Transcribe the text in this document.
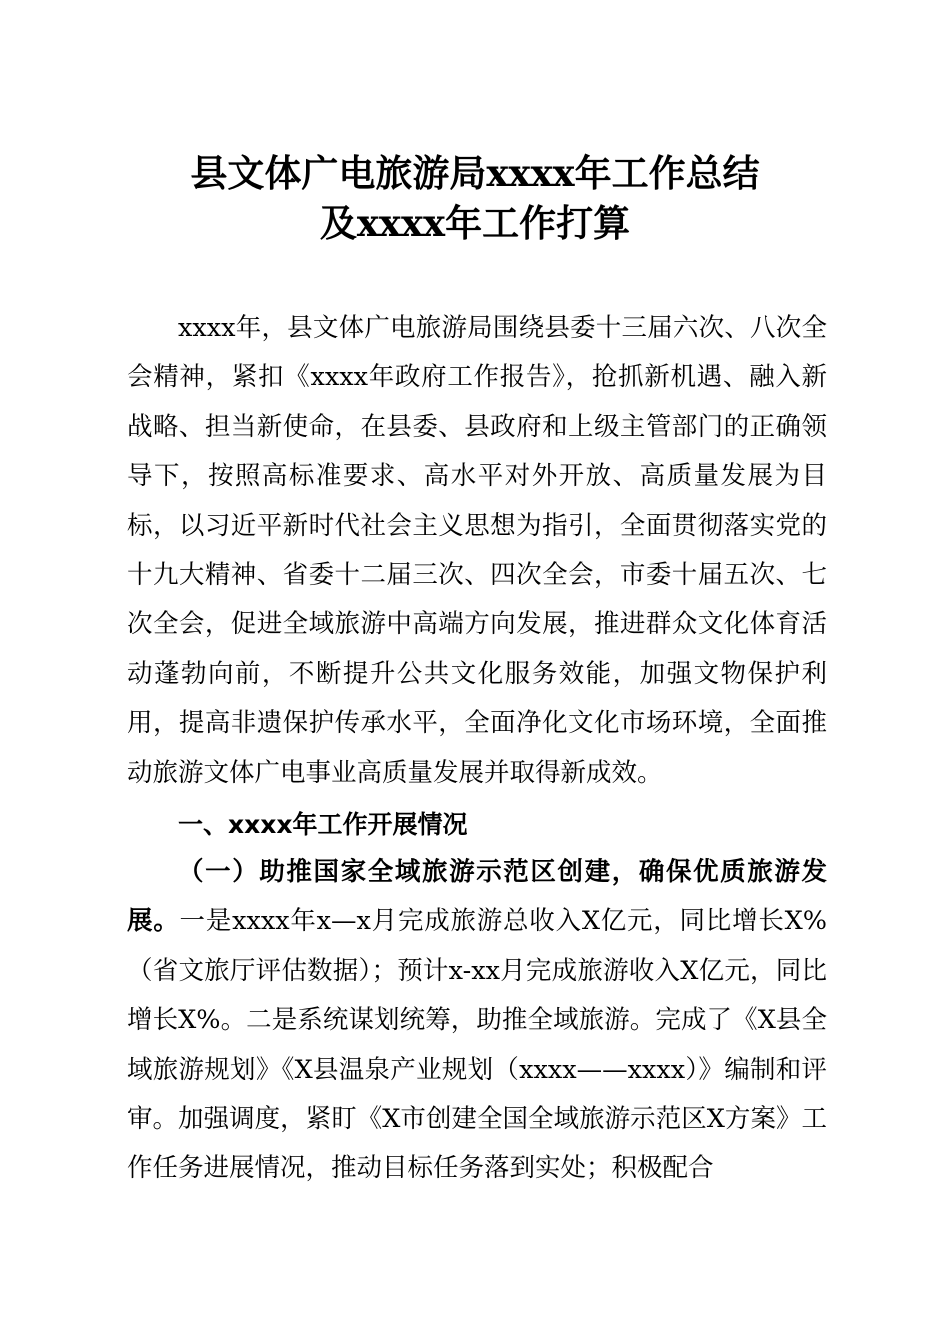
县文体广电旅游局xxxx年工作总结
及xxxx年工作打算

xxxx年，县文体广电旅游局围绕县委十三届六次、八次全会精神，紧扣《xxxx年政府工作报告》，抢抓新机遇、融入新战略、担当新使命，在县委、县政府和上级主管部门的正确领导下，按照高标准要求、高水平对外开放、高质量发展为目标，以习近平新时代社会主义思想为指引，全面贯彻落实党的十九大精神、省委十二届三次、四次全会，市委十届五次、七次全会，促进全域旅游中高端方向发展，推进群众文化体育活动蓬勃向前，不断提升公共文化服务效能，加强文物保护利用，提高非遗保护传承水平，全面净化文化市场环境，全面推动旅游文体广电事业高质量发展并取得新成效。

一、xxxx年工作开展情况

（一）助推国家全域旅游示范区创建，确保优质旅游发展。一是xxxx年x—x月完成旅游总收入X亿元，同比增长X%（省文旅厅评估数据）；预计x-xx月完成旅游收入X亿元，同比增长X%。二是系统谋划统筹，助推全域旅游。完成了《X县全域旅游规划》《X县温泉产业规划（xxxx——xxxx）》编制和评审。加强调度，紧盯《X市创建全国全域旅游示范区X方案》工作任务进展情况，推动目标任务落到实处；积极配合
